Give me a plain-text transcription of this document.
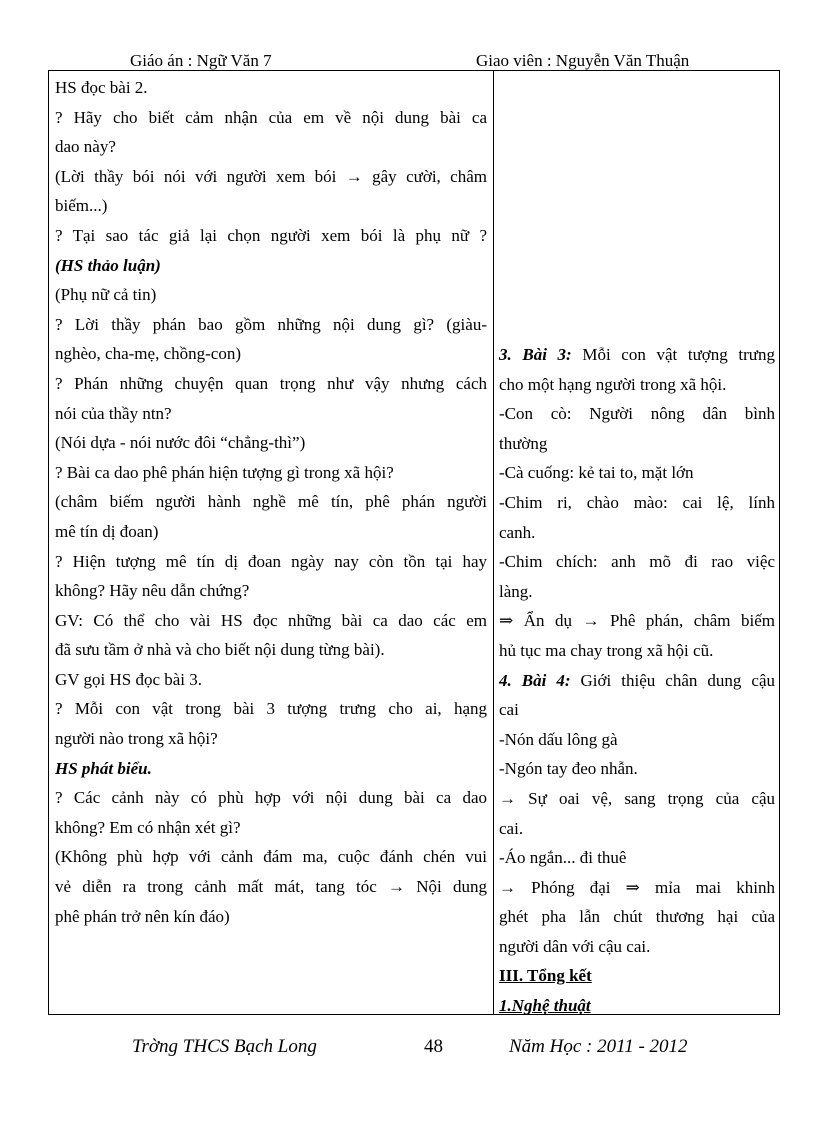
Giáo án : Ngữ Văn 7	Giao viên : Nguyễn Văn Thuận
HS đọc bài 2.
? Hãy cho biết cảm nhận của em về nội dung bài ca
dao này?
(Lời thầy bói nói với người xem bói → gây cười, châm
biếm...)
? Tại sao tác giả lại chọn người xem bói là phụ nữ ?
(HS thảo luận)
(Phụ nữ cả tin)
? Lời thầy phán bao gồm những nội dung gì? (giàu-
nghèo, cha-mẹ, chồng-con)
? Phán những chuyện quan trọng như vậy nhưng cách
nói của thầy ntn?
(Nói dựa - nói nước đôi “chẳng-thì”)
? Bài ca dao phê phán hiện tượng gì trong xã hội?
(châm biếm người hành nghề mê tín, phê phán người
mê tín dị đoan)
? Hiện tượng mê tín dị đoan ngày nay còn tồn tại hay
không? Hãy nêu dẫn chứng?
GV: Có thể cho vài HS đọc những bài ca dao các em
đã sưu tầm ở nhà và cho biết nội dung từng bài).
GV gọi HS đọc bài 3.
? Mỗi con vật trong bài 3 tượng trưng cho ai, hạng
người nào trong xã hội?
HS phát biểu.
? Các cảnh này có phù hợp với nội dung bài ca dao
không? Em có nhận xét gì?
(Không phù hợp với cảnh đám ma, cuộc đánh chén vui
vẻ diễn ra trong cảnh mất mát, tang tóc → Nội dung
phê phán trở nên kín đáo)
3. Bài 3: Mỗi con vật tượng trưng
cho một hạng người trong xã hội.
-Con cò: Người nông dân bình
thường
-Cà cuống: kẻ tai to, mặt lớn
-Chim ri, chào mào: cai lệ, lính
canh.
-Chim chích: anh mõ đi rao việc
làng.
⇒ Ẩn dụ → Phê phán, châm biếm
hủ tục ma chay trong xã hội cũ.
4. Bài 4: Giới thiệu chân dung cậu
cai
-Nón dấu lông gà
-Ngón tay đeo nhẫn.
→ Sự oai vệ, sang trọng của cậu
cai.
-Áo ngắn... đi thuê
→ Phóng đại ⇒ mỉa mai khinh
ghét pha lẫn chút thương hại của
người dân với cậu cai.
III. Tổng kết
1.Nghệ thuật
Trờng THCS Bạch Long	48	Năm Học : 2011 - 2012
